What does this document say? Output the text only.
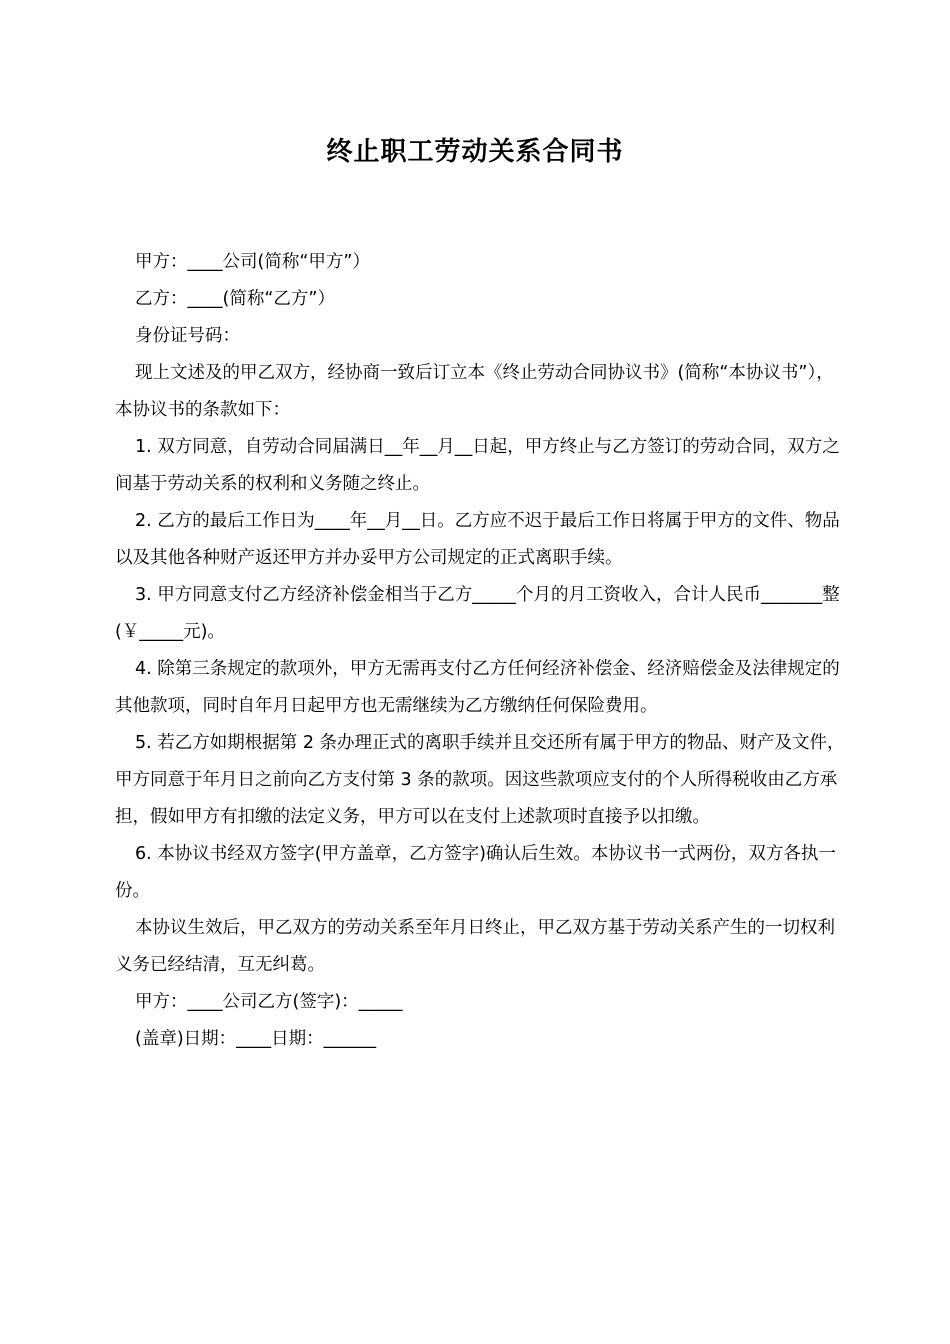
终止职工劳动关系合同书

甲方：____公司(简称“甲方”）

乙方：____(简称“乙方”）

身份证号码：

现上文述及的甲乙双方，经协商一致后订立本《终止劳动合同协议书》(简称“本协议书”），本协议书的条款如下：

1. 双方同意，自劳动合同届满日__年__月__日起，甲方终止与乙方签订的劳动合同，双方之间基于劳动关系的权利和义务随之终止。

2. 乙方的最后工作日为____年__月__日。乙方应不迟于最后工作日将属于甲方的文件、物品以及其他各种财产返还甲方并办妥甲方公司规定的正式离职手续。

3. 甲方同意支付乙方经济补偿金相当于乙方_____个月的月工资收入，合计人民币_______整(￥_____元)。

4. 除第三条规定的款项外，甲方无需再支付乙方任何经济补偿金、经济赔偿金及法律规定的其他款项，同时自年月日起甲方也无需继续为乙方缴纳任何保险费用。

5. 若乙方如期根据第 2 条办理正式的离职手续并且交还所有属于甲方的物品、财产及文件，甲方同意于年月日之前向乙方支付第 3 条的款项。因这些款项应支付的个人所得税收由乙方承担，假如甲方有扣缴的法定义务，甲方可以在支付上述款项时直接予以扣缴。

6. 本协议书经双方签字(甲方盖章，乙方签字)确认后生效。本协议书一式两份，双方各执一份。

本协议生效后，甲乙双方的劳动关系至年月日终止，甲乙双方基于劳动关系产生的一切权利义务已经结清，互无纠葛。

甲方：____公司乙方(签字)：_____

(盖章)日期：____日期：______
